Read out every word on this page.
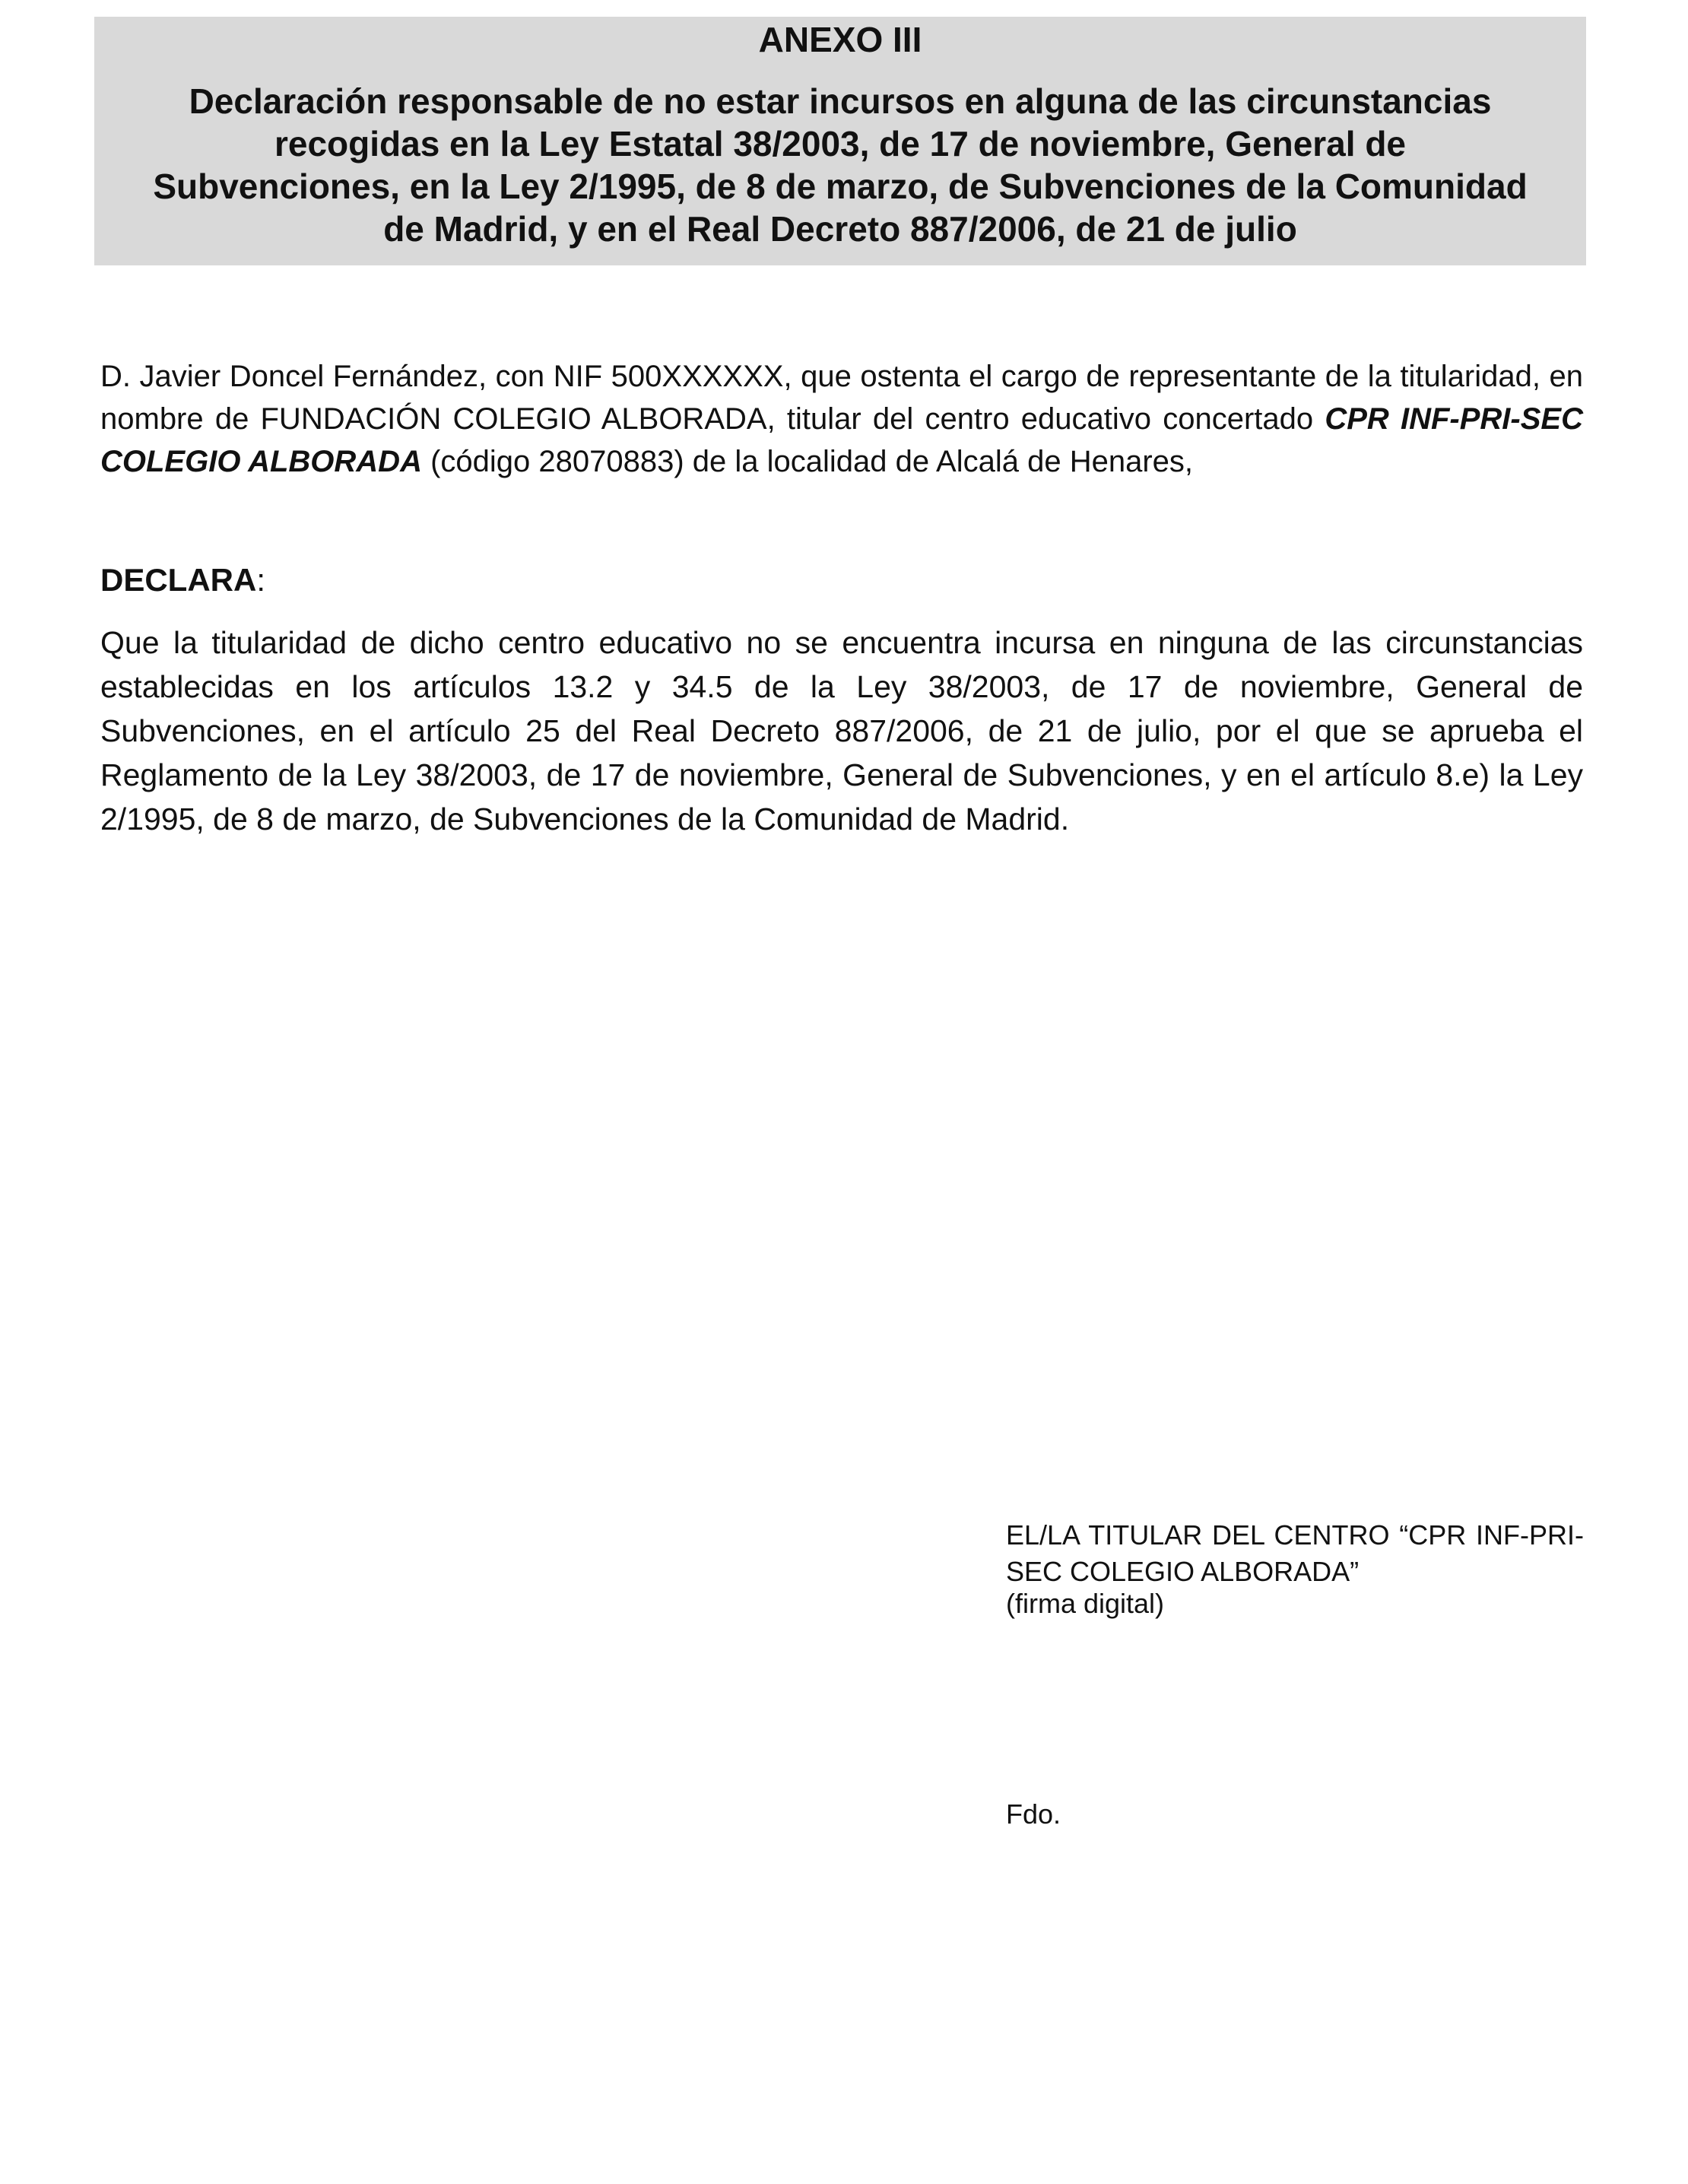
ANEXO III
Declaración responsable de no estar incursos en alguna de las circunstancias recogidas en la Ley Estatal 38/2003, de 17 de noviembre, General de Subvenciones, en la Ley 2/1995, de 8 de marzo, de Subvenciones de la Comunidad de Madrid, y en el Real Decreto 887/2006, de 21 de julio
D. Javier Doncel Fernández, con NIF 500XXXXXX, que ostenta el cargo de representante de la titularidad, en nombre de FUNDACIÓN COLEGIO ALBORADA, titular del centro educativo concertado CPR INF-PRI-SEC COLEGIO ALBORADA (código 28070883) de la localidad de Alcalá de Henares,
DECLARA:
Que la titularidad de dicho centro educativo no se encuentra incursa en ninguna de las circunstancias establecidas en los artículos 13.2 y 34.5 de la Ley 38/2003, de 17 de noviembre, General de Subvenciones, en el artículo 25 del Real Decreto 887/2006, de 21 de julio, por el que se aprueba el Reglamento de la Ley 38/2003, de 17 de noviembre, General de Subvenciones, y en el artículo 8.e) la Ley 2/1995, de 8 de marzo, de Subvenciones de la Comunidad de Madrid.
EL/LA TITULAR DEL CENTRO “CPR INF-PRI-SEC COLEGIO ALBORADA”
(firma digital)
Fdo.
